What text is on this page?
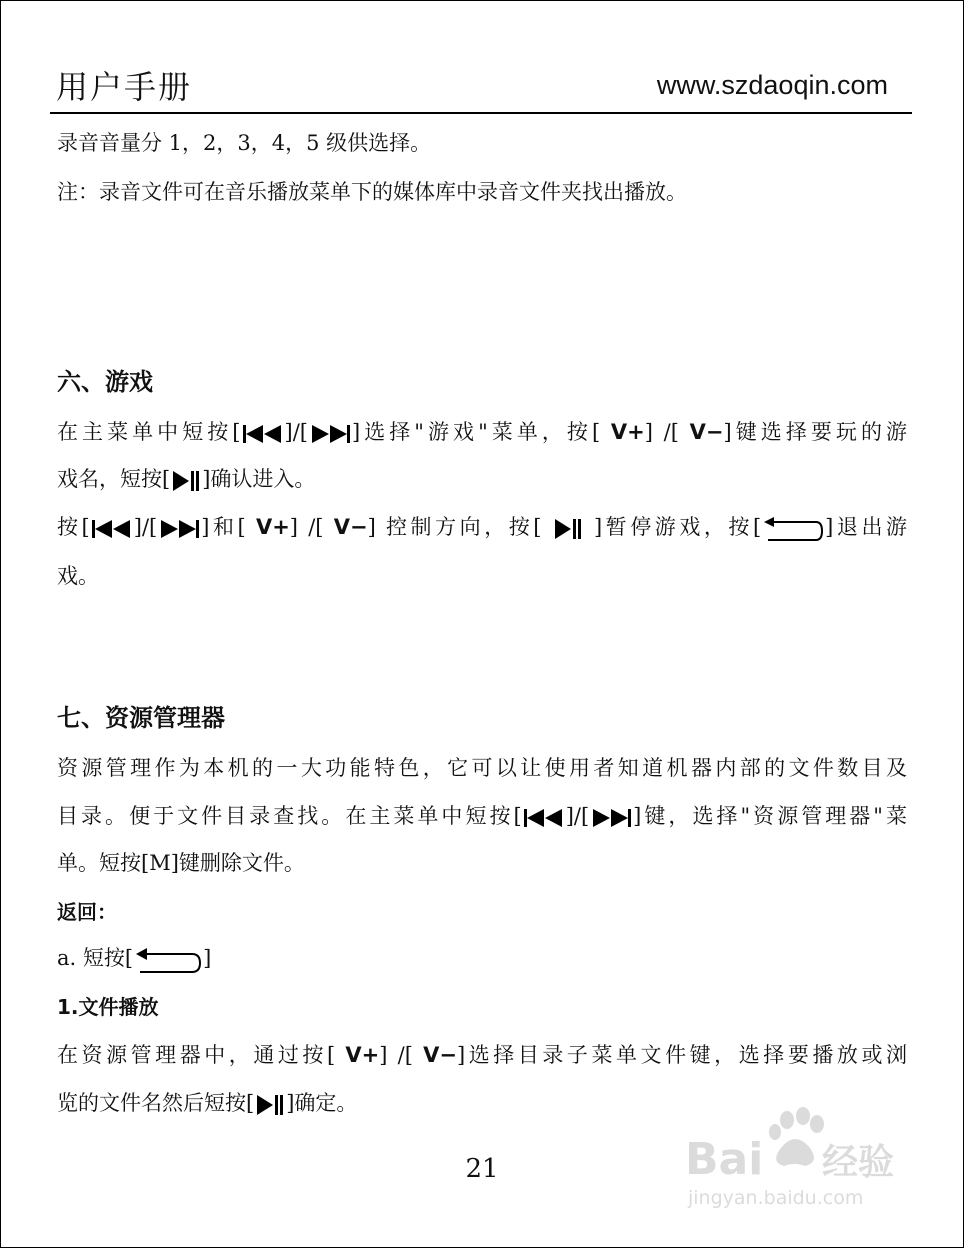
用户手册	www.szdaoqin.com
录音音量分 1，2，3，4，5 级供选择。
注：录音文件可在音乐播放菜单下的媒体库中录音文件夹找出播放。
六、游戏
在主菜单中短按[ ]/[ ]选择"游戏"菜单，按[ V+] /[ V−]键选择要玩的游
戏名，短按[ ]确认进入。
按[ ]/[ ]和[ V+] /[ V−] 控制方向，按[  ]暂停游戏，按[	]退出游
戏。
七、资源管理器
资源管理作为本机的一大功能特色，它可以让使用者知道机器内部的文件数目及
目录。便于文件目录查找。在主菜单中短按[ ]/[ ]键，选择"资源管理器"菜
单。短按[M]键删除文件。
返回：
a. 短按[	]
1.文件播放
在资源管理器中，通过按[ V+] /[ V−]选择目录子菜单文件键，选择要播放或浏
览的文件名然后短按[ ]确定。
21	Bai 经验
jingyan.baidu.com
